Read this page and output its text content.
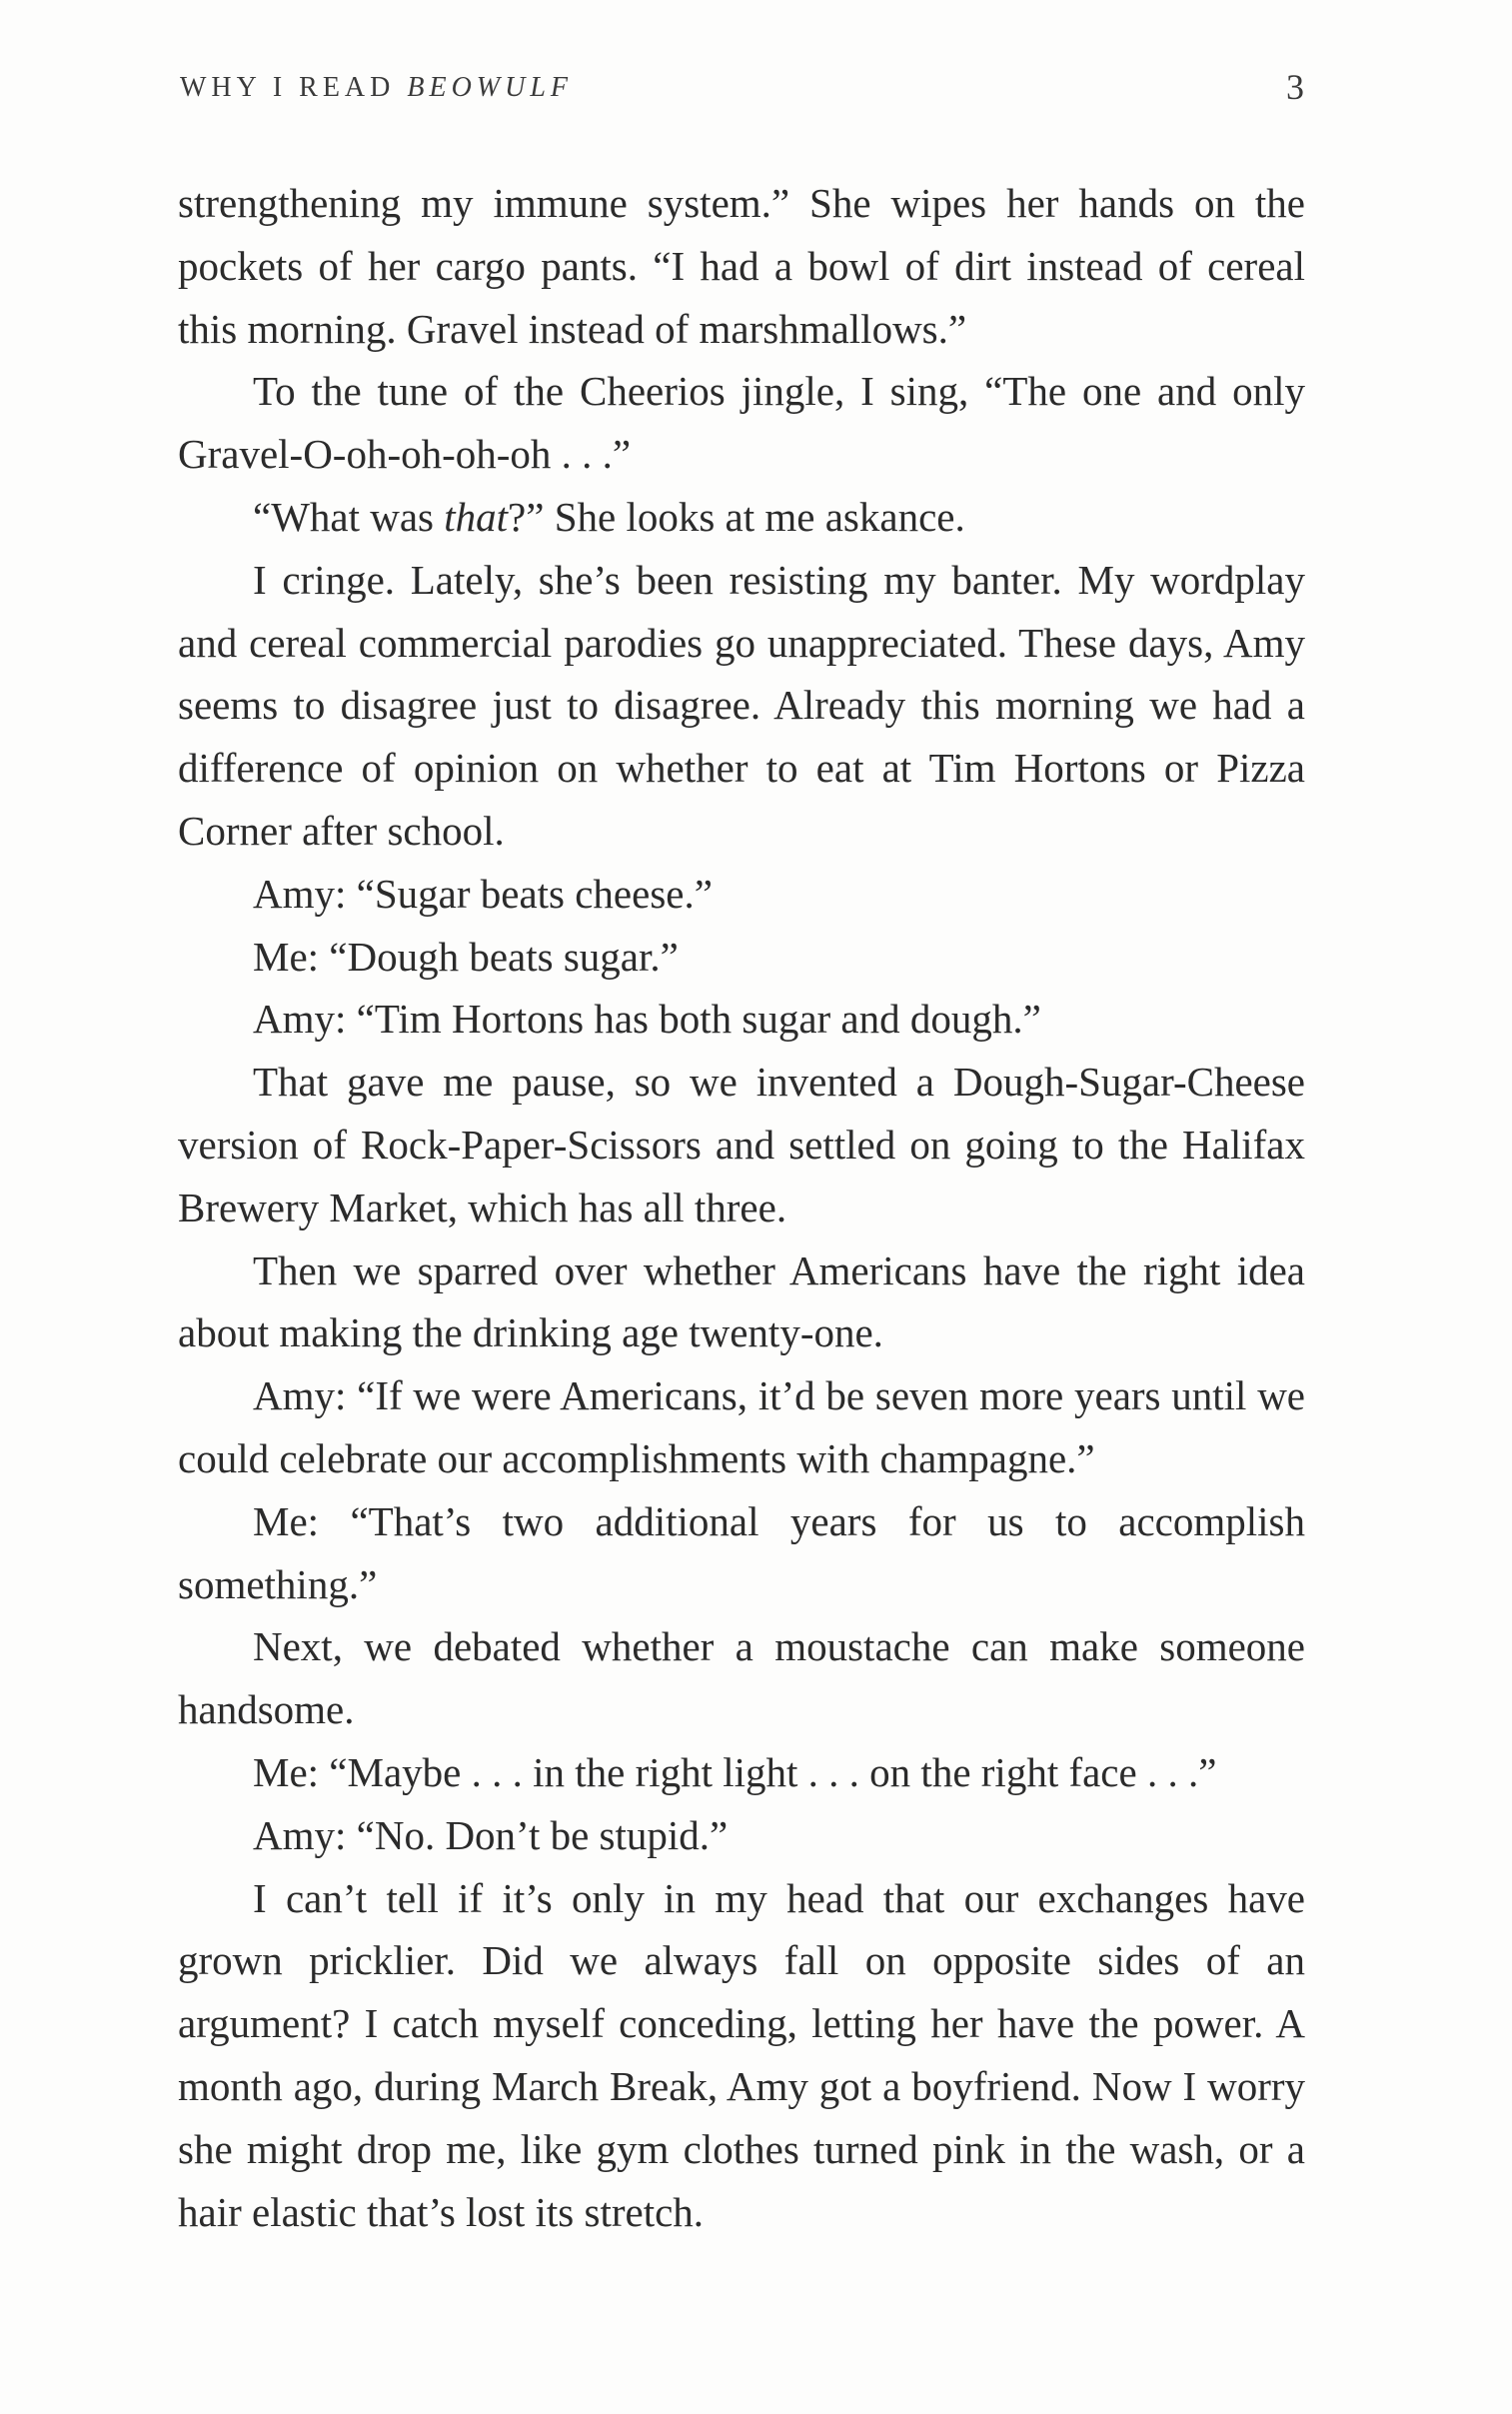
WHY I READ BEOWULF	3

strengthening my immune system.” She wipes her hands on the pockets of her cargo pants. “I had a bowl of dirt instead of cereal this morning. Gravel instead of marshmallows.”

To the tune of the Cheerios jingle, I sing, “The one and only Gravel-O-oh-oh-oh-oh . . .”

“What was that?” She looks at me askance.

I cringe. Lately, she’s been resisting my banter. My wordplay and cereal commercial parodies go unappreciated. These days, Amy seems to disagree just to disagree. Already this morning we had a difference of opinion on whether to eat at Tim Hortons or Pizza Corner after school.

Amy: “Sugar beats cheese.”

Me: “Dough beats sugar.”

Amy: “Tim Hortons has both sugar and dough.”

That gave me pause, so we invented a Dough-Sugar-Cheese version of Rock-Paper-Scissors and settled on going to the Halifax Brewery Market, which has all three.

Then we sparred over whether Americans have the right idea about making the drinking age twenty-one.

Amy: “If we were Americans, it’d be seven more years until we could celebrate our accomplishments with champagne.”

Me: “That’s two additional years for us to accomplish something.”

Next, we debated whether a moustache can make someone handsome.

Me: “Maybe . . . in the right light . . . on the right face . . .”

Amy: “No. Don’t be stupid.”

I can’t tell if it’s only in my head that our exchanges have grown pricklier. Did we always fall on opposite sides of an argument? I catch myself conceding, letting her have the power. A month ago, during March Break, Amy got a boyfriend. Now I worry she might drop me, like gym clothes turned pink in the wash, or a hair elastic that’s lost its stretch.
